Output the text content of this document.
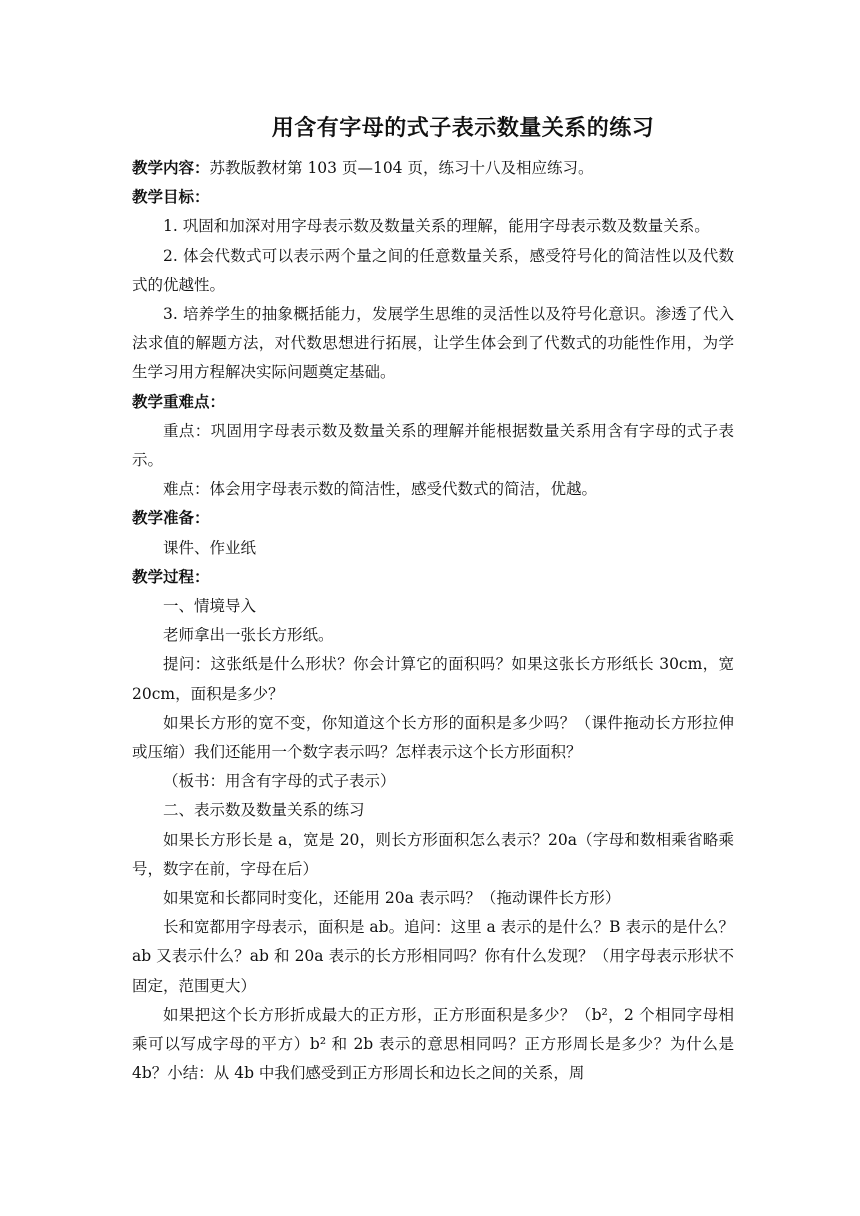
用含有字母的式子表示数量关系的练习

教学内容：苏教版教材第 103 页—104 页，练习十八及相应练习。

教学目标：

1. 巩固和加深对用字母表示数及数量关系的理解，能用字母表示数及数量关系。

2. 体会代数式可以表示两个量之间的任意数量关系，感受符号化的简洁性以及代数式的优越性。

3. 培养学生的抽象概括能力，发展学生思维的灵活性以及符号化意识。渗透了代入法求值的解题方法，对代数思想进行拓展，让学生体会到了代数式的功能性作用，为学生学习用方程解决实际问题奠定基础。

教学重难点：

重点：巩固用字母表示数及数量关系的理解并能根据数量关系用含有字母的式子表示。

难点：体会用字母表示数的简洁性，感受代数式的简洁，优越。

教学准备：

课件、作业纸

教学过程：

一、情境导入

老师拿出一张长方形纸。

提问：这张纸是什么形状？你会计算它的面积吗？如果这张长方形纸长 30cm，宽 20cm，面积是多少？

如果长方形的宽不变，你知道这个长方形的面积是多少吗？（课件拖动长方形拉伸或压缩）我们还能用一个数字表示吗？怎样表示这个长方形面积？

（板书：用含有字母的式子表示）

二、表示数及数量关系的练习

如果长方形长是 a，宽是 20，则长方形面积怎么表示？20a（字母和数相乘省略乘号，数字在前，字母在后）

如果宽和长都同时变化，还能用 20a 表示吗？（拖动课件长方形）

长和宽都用字母表示，面积是 ab。追问：这里 a 表示的是什么？B 表示的是什么？ab 又表示什么？ab 和 20a 表示的长方形相同吗？你有什么发现？（用字母表示形状不固定，范围更大）

如果把这个长方形折成最大的正方形，正方形面积是多少？（b²，2 个相同字母相乘可以写成字母的平方）b² 和 2b 表示的意思相同吗？正方形周长是多少？为什么是 4b？小结：从 4b 中我们感受到正方形周长和边长之间的关系，周
